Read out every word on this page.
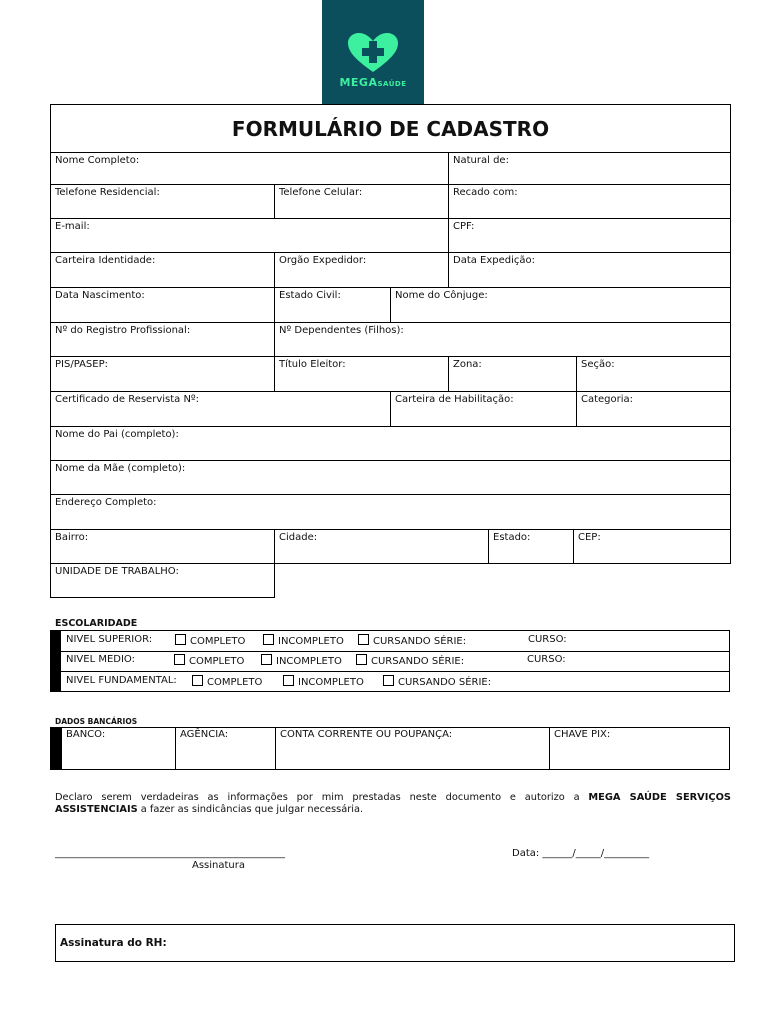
MEGASAÚDE
FORMULÁRIO DE CADASTRO
Nome Completo:	Natural de:
Telefone Residencial:	Telefone Celular:	Recado com:
E-mail:	CPF:
Carteira Identidade:	Orgão Expedidor:	Data Expedição:
Data Nascimento:	Estado Civil:	Nome do Cônjuge:
Nº do Registro Profissional:	Nº Dependentes (Filhos):
PIS/PASEP:	Título Eleitor:	Zona:	Seção:
Certificado de Reservista Nº:	Carteira de Habilitação:	Categoria:
Nome do Pai (completo):
Nome da Mãe (completo):
Endereço Completo:
Bairro:	Cidade:	Estado:	CEP:
UNIDADE DE TRABALHO:
ESCOLARIDADE
NIVEL SUPERIOR:	COMPLETO	INCOMPLETO	CURSANDO SÉRIE:	CURSO:
NIVEL MEDIO:	COMPLETO	INCOMPLETO	CURSANDO SÉRIE:	CURSO:
NIVEL FUNDAMENTAL:	COMPLETO	INCOMPLETO	CURSANDO SÉRIE:
DADOS BANCÁRIOS
BANCO:	AGÊNCIA:	CONTA CORRENTE OU POUPANÇA:	CHAVE PIX:
Declaro serem verdadeiras as informações por mim prestadas neste documento e autorizo a MEGA SAÚDE SERVIÇOS ASSISTENCIAIS a fazer as sindicâncias que julgar necessária.
______________________________________________
Assinatura
Data: ______/_____/_________
Assinatura do RH:
